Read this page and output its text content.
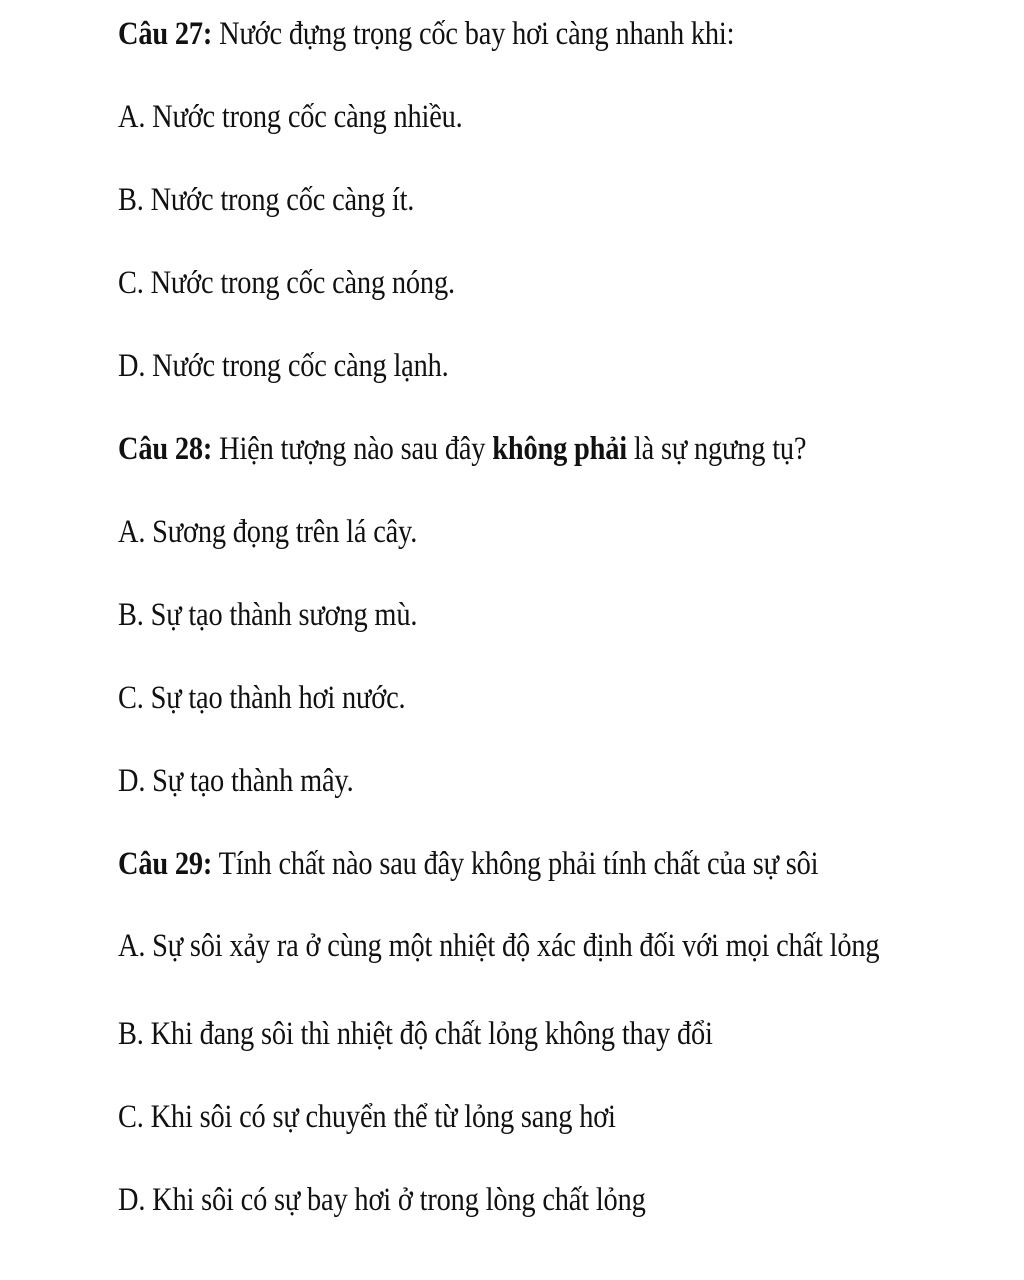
Câu 27: Nước đựng trọng cốc bay hơi càng nhanh khi:
A. Nước trong cốc càng nhiều.
B. Nước trong cốc càng ít.
C. Nước trong cốc càng nóng.
D. Nước trong cốc càng lạnh.
Câu 28: Hiện tượng nào sau đây không phải là sự ngưng tụ?
A. Sương đọng trên lá cây.
B. Sự tạo thành sương mù.
C. Sự tạo thành hơi nước.
D. Sự tạo thành mây.
Câu 29: Tính chất nào sau đây không phải tính chất của sự sôi
A. Sự sôi xảy ra ở cùng một nhiệt độ xác định đối với mọi chất lỏng
B. Khi đang sôi thì nhiệt độ chất lỏng không thay đổi
C. Khi sôi có sự chuyển thể từ lỏng sang hơi
D. Khi sôi có sự bay hơi ở trong lòng chất lỏng
